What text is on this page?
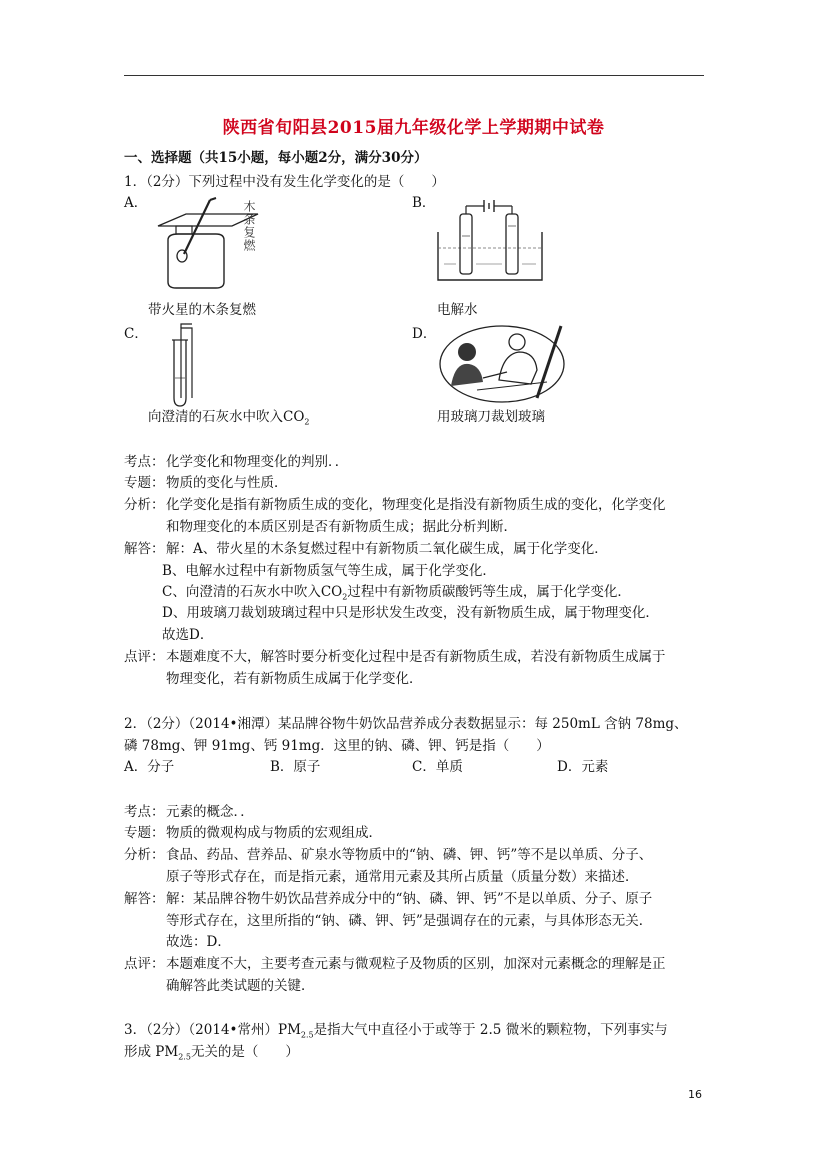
陕西省旬阳县2015届九年级化学上学期期中试卷
一、选择题（共15小题，每小题2分，满分30分）
1．（2分）下列过程中没有发生化学变化的是（　　）
A．	B．
木条复燃
带火星的木条复燃	电解水
C．	D．
向澄清的石灰水中吹入$CO_2$	用玻璃刀裁划玻璃
考点： 化学变化和物理变化的判别．．
专题： 物质的变化与性质．
分析： 化学变化是指有新物质生成的变化，物理变化是指没有新物质生成的变化，化学变化
和物理变化的本质区别是否有新物质生成；据此分析判断．
解答： 解：A、带火星的木条复燃过程中有新物质二氧化碳生成，属于化学变化．
B、电解水过程中有新物质氢气等生成，属于化学变化．
C、向澄清的石灰水中吹入$CO_2$过程中有新物质碳酸钙等生成，属于化学变化．
D、用玻璃刀裁划玻璃过程中只是形状发生改变，没有新物质生成，属于物理变化．
故选D．
点评： 本题难度不大，解答时要分析变化过程中是否有新物质生成，若没有新物质生成属于
物理变化，若有新物质生成属于化学变化．
2．（2分）（2014•湘潭）某品牌谷物牛奶饮品营养成分表数据显示：每 250mL 含钠 78mg、
磷 78mg、钾 91mg、钙 91mg．这里的钠、磷、钾、钙是指（　　）
A．分子	B．原子	C．单质	D．元素
考点： 元素的概念．．
专题： 物质的微观构成与物质的宏观组成．
分析： 食品、药品、营养品、矿泉水等物质中的“钠、磷、钾、钙”等不是以单质、分子、
原子等形式存在，而是指元素，通常用元素及其所占质量（质量分数）来描述．
解答： 解：某品牌谷物牛奶饮品营养成分中的“钠、磷、钾、钙”不是以单质、分子、原子
等形式存在，这里所指的“钠、磷、钾、钙”是强调存在的元素，与具体形态无关．
故选：D．
点评： 本题难度不大，主要考查元素与微观粒子及物质的区别，加深对元素概念的理解是正
确解答此类试题的关键．
3．（2分）（2014•常州）$PM_{2.5}$是指大气中直径小于或等于 2.5 微米的颗粒物，下列事实与
形成 $PM_{2.5}$无关的是（　　）
16
